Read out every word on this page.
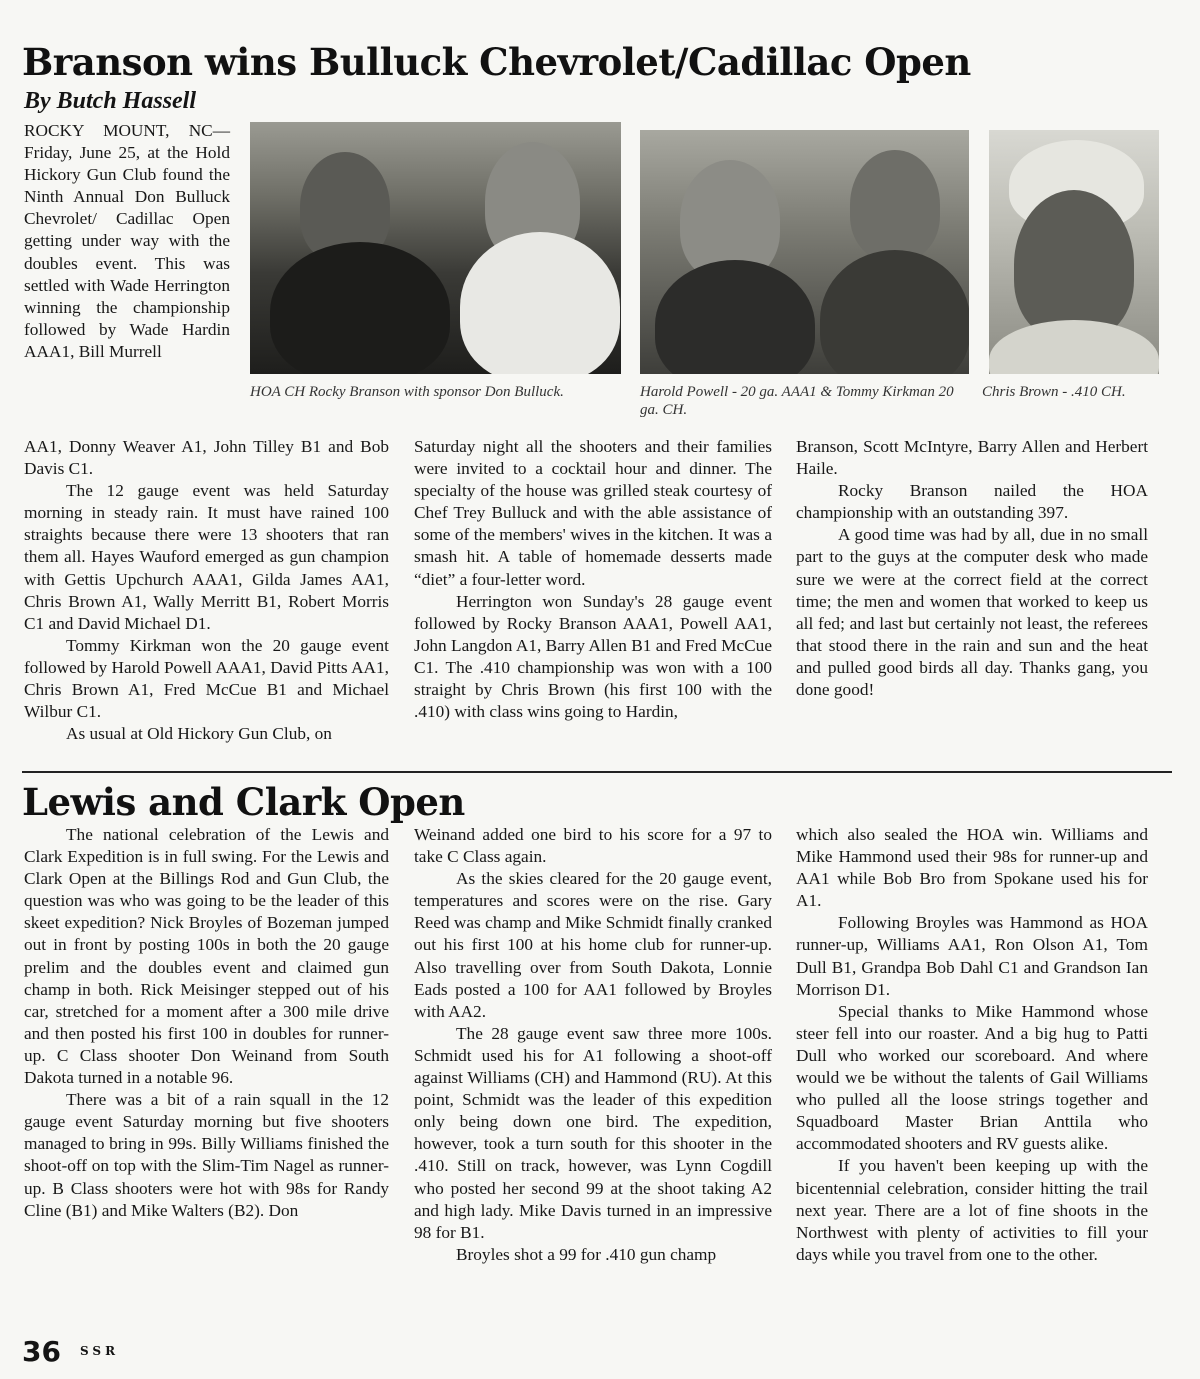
Branson wins Bulluck Chevrolet/Cadillac Open
By Butch Hassell

ROCKY MOUNT, NC—Friday, June 25, at the Hold Hickory Gun Club found the Ninth Annual Don Bulluck Chevrolet/ Cadillac Open getting under way with the doubles event. This was settled with Wade Herrington winning the championship followed by Wade Hardin AAA1, Bill Murrell

HOA CH Rocky Branson with sponsor Don Bulluck.	Harold Powell - 20 ga. AAA1 & Tommy Kirkman 20 ga. CH.
Chris Brown - .410 CH.

AA1, Donny Weaver A1, John Tilley B1 and Bob Davis C1.

The 12 gauge event was held Saturday morning in steady rain. It must have rained 100 straights because there were 13 shooters that ran them all. Hayes Wauford emerged as gun champion with Gettis Upchurch AAA1, Gilda James AA1, Chris Brown A1, Wally Merritt B1, Robert Morris C1 and David Michael D1.

Tommy Kirkman won the 20 gauge event followed by Harold Powell AAA1, David Pitts AA1, Chris Brown A1, Fred McCue B1 and Michael Wilbur C1.

As usual at Old Hickory Gun Club, on

Saturday night all the shooters and their families were invited to a cocktail hour and dinner. The specialty of the house was grilled steak courtesy of Chef Trey Bulluck and with the able assistance of some of the members' wives in the kitchen. It was a smash hit. A table of homemade desserts made “diet” a four-letter word.

Herrington won Sunday's 28 gauge event followed by Rocky Branson AAA1, Powell AA1, John Langdon A1, Barry Allen B1 and Fred McCue C1. The .410 championship was won with a 100 straight by Chris Brown (his first 100 with the .410) with class wins going to Hardin,

Branson, Scott McIntyre, Barry Allen and Herbert Haile.

Rocky Branson nailed the HOA championship with an outstanding 397.

A good time was had by all, due in no small part to the guys at the computer desk who made sure we were at the correct field at the correct time; the men and women that worked to keep us all fed; and last but certainly not least, the referees that stood there in the rain and sun and the heat and pulled good birds all day. Thanks gang, you done good!

Lewis and Clark Open

The national celebration of the Lewis and Clark Expedition is in full swing. For the Lewis and Clark Open at the Billings Rod and Gun Club, the question was who was going to be the leader of this skeet expedition? Nick Broyles of Bozeman jumped out in front by posting 100s in both the 20 gauge prelim and the doubles event and claimed gun champ in both. Rick Meisinger stepped out of his car, stretched for a moment after a 300 mile drive and then posted his first 100 in doubles for runner-up. C Class shooter Don Weinand from South Dakota turned in a notable 96.

There was a bit of a rain squall in the 12 gauge event Saturday morning but five shooters managed to bring in 99s. Billy Williams finished the shoot-off on top with the Slim-Tim Nagel as runner-up. B Class shooters were hot with 98s for Randy Cline (B1) and Mike Walters (B2). Don

Weinand added one bird to his score for a 97 to take C Class again.

As the skies cleared for the 20 gauge event, temperatures and scores were on the rise. Gary Reed was champ and Mike Schmidt finally cranked out his first 100 at his home club for runner-up. Also travelling over from South Dakota, Lonnie Eads posted a 100 for AA1 followed by Broyles with AA2.

The 28 gauge event saw three more 100s. Schmidt used his for A1 following a shoot-off against Williams (CH) and Hammond (RU). At this point, Schmidt was the leader of this expedition only being down one bird. The expedition, however, took a turn south for this shooter in the .410. Still on track, however, was Lynn Cogdill who posted her second 99 at the shoot taking A2 and high lady. Mike Davis turned in an impressive 98 for B1.

Broyles shot a 99 for .410 gun champ

which also sealed the HOA win. Williams and Mike Hammond used their 98s for runner-up and AA1 while Bob Bro from Spokane used his for A1.

Following Broyles was Hammond as HOA runner-up, Williams AA1, Ron Olson A1, Tom Dull B1, Grandpa Bob Dahl C1 and Grandson Ian Morrison D1.

Special thanks to Mike Hammond whose steer fell into our roaster. And a big hug to Patti Dull who worked our scoreboard. And where would we be without the talents of Gail Williams who pulled all the loose strings together and Squadboard Master Brian Anttila who accommodated shooters and RV guests alike.

If you haven't been keeping up with the bicentennial celebration, consider hitting the trail next year. There are a lot of fine shoots in the Northwest with plenty of activities to fill your days while you travel from one to the other.

36 SSR
